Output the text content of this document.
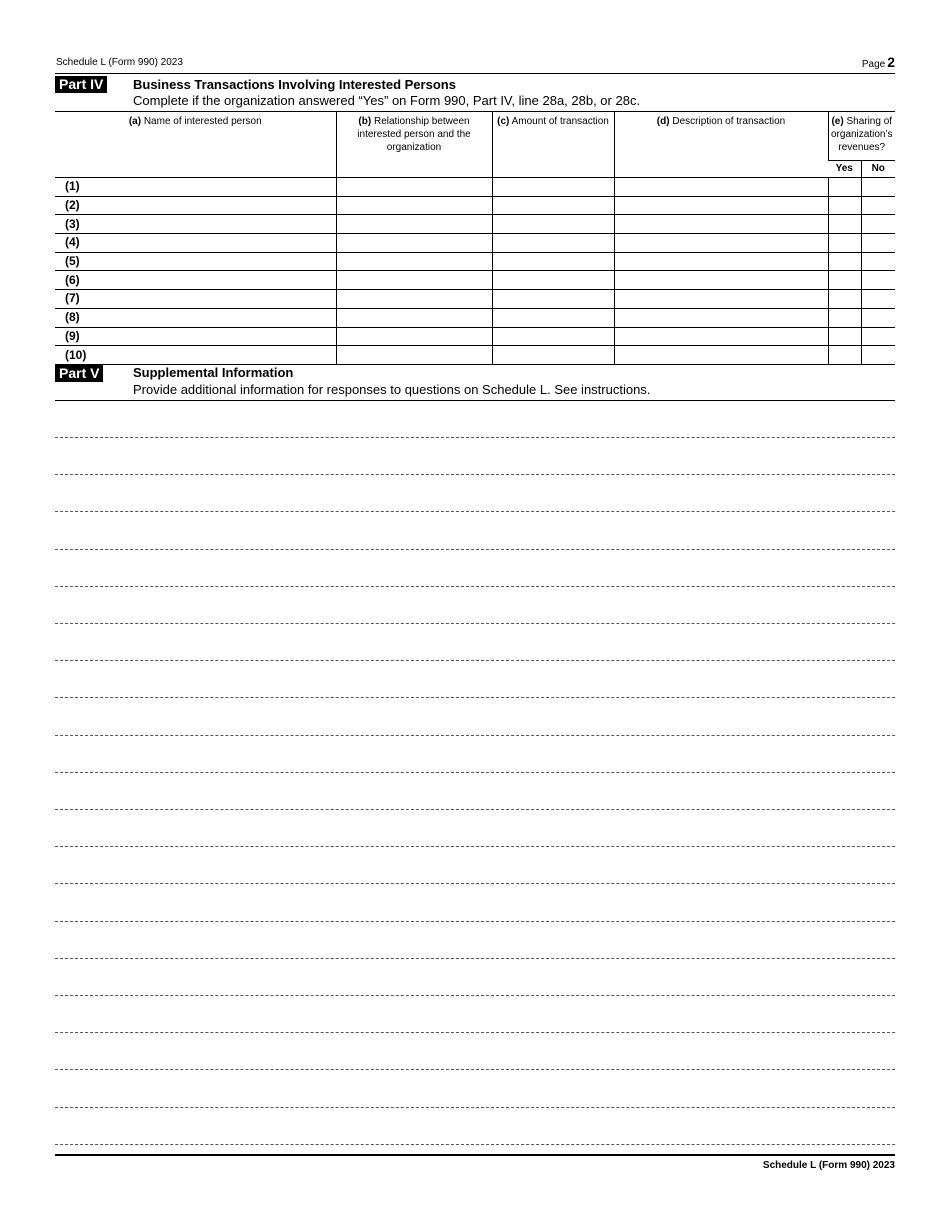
Schedule L (Form 990) 2023	Page 2
Part IV	Business Transactions Involving Interested Persons
Complete if the organization answered “Yes” on Form 990, Part IV, line 28a, 28b, or 28c.
(a) Name of interested person	(b) Relationship between interested person and the organization	(c) Amount of transaction	(d) Description of transaction	(e) Sharing of organization’s revenues?	
				Yes	No
(1)					
(2)					
(3)					
(4)					
(5)					
(6)					
(7)					
(8)					
(9)					
(10)					
Part V	Supplemental Information
Provide additional information for responses to questions on Schedule L. See instructions.
Schedule L (Form 990) 2023
